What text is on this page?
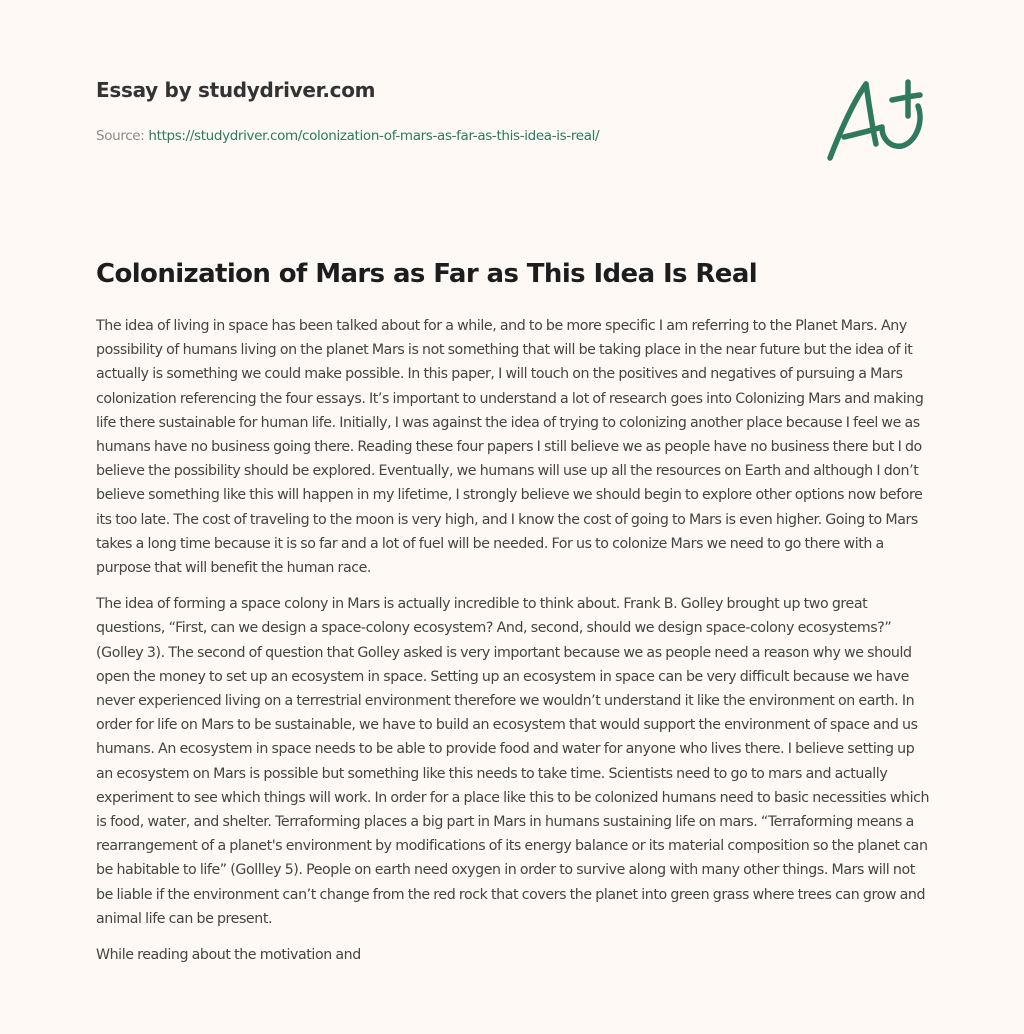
Essay by studydriver.com
Source: https://studydriver.com/colonization-of-mars-as-far-as-this-idea-is-real/
Colonization of Mars as Far as This Idea Is Real

The idea of living in space has been talked about for a while, and to be more specific I am referring to the Planet Mars. Any possibility of humans living on the planet Mars is not something that will be taking place in the near future but the idea of it actually is something we could make possible. In this paper, I will touch on the positives and negatives of pursuing a Mars colonization referencing the four essays. It’s important to understand a lot of research goes into Colonizing Mars and making life there sustainable for human life. Initially, I was against the idea of trying to colonizing another place because I feel we as humans have no business going there. Reading these four papers I still believe we as people have no business there but I do believe the possibility should be explored. Eventually, we humans will use up all the resources on Earth and although I don’t believe something like this will happen in my lifetime, I strongly believe we should begin to explore other options now before its too late. The cost of traveling to the moon is very high, and I know the cost of going to Mars is even higher. Going to Mars takes a long time because it is so far and a lot of fuel will be needed. For us to colonize Mars we need to go there with a purpose that will benefit the human race.

The idea of forming a space colony in Mars is actually incredible to think about. Frank B. Golley brought up two great questions, “First, can we design a space-colony ecosystem? And, second, should we design space-colony ecosystems?” (Golley 3). The second of question that Golley asked is very important because we as people need a reason why we should open the money to set up an ecosystem in space. Setting up an ecosystem in space can be very difficult because we have never experienced living on a terrestrial environment therefore we wouldn’t understand it like the environment on earth. In order for life on Mars to be sustainable, we have to build an ecosystem that would support the environment of space and us humans. An ecosystem in space needs to be able to provide food and water for anyone who lives there. I believe setting up an ecosystem on Mars is possible but something like this needs to take time. Scientists need to go to mars and actually experiment to see which things will work. In order for a place like this to be colonized humans need to basic necessities which is food, water, and shelter. Terraforming places a big part in Mars in humans sustaining life on mars. “Terraforming means a rearrangement of a planet's environment by modifications of its energy balance or its material composition so the planet can be habitable to life” (Gollley 5). People on earth need oxygen in order to survive along with many other things. Mars will not be liable if the environment can’t change from the red rock that covers the planet into green grass where trees can grow and animal life can be present.

While reading about the motivation and
